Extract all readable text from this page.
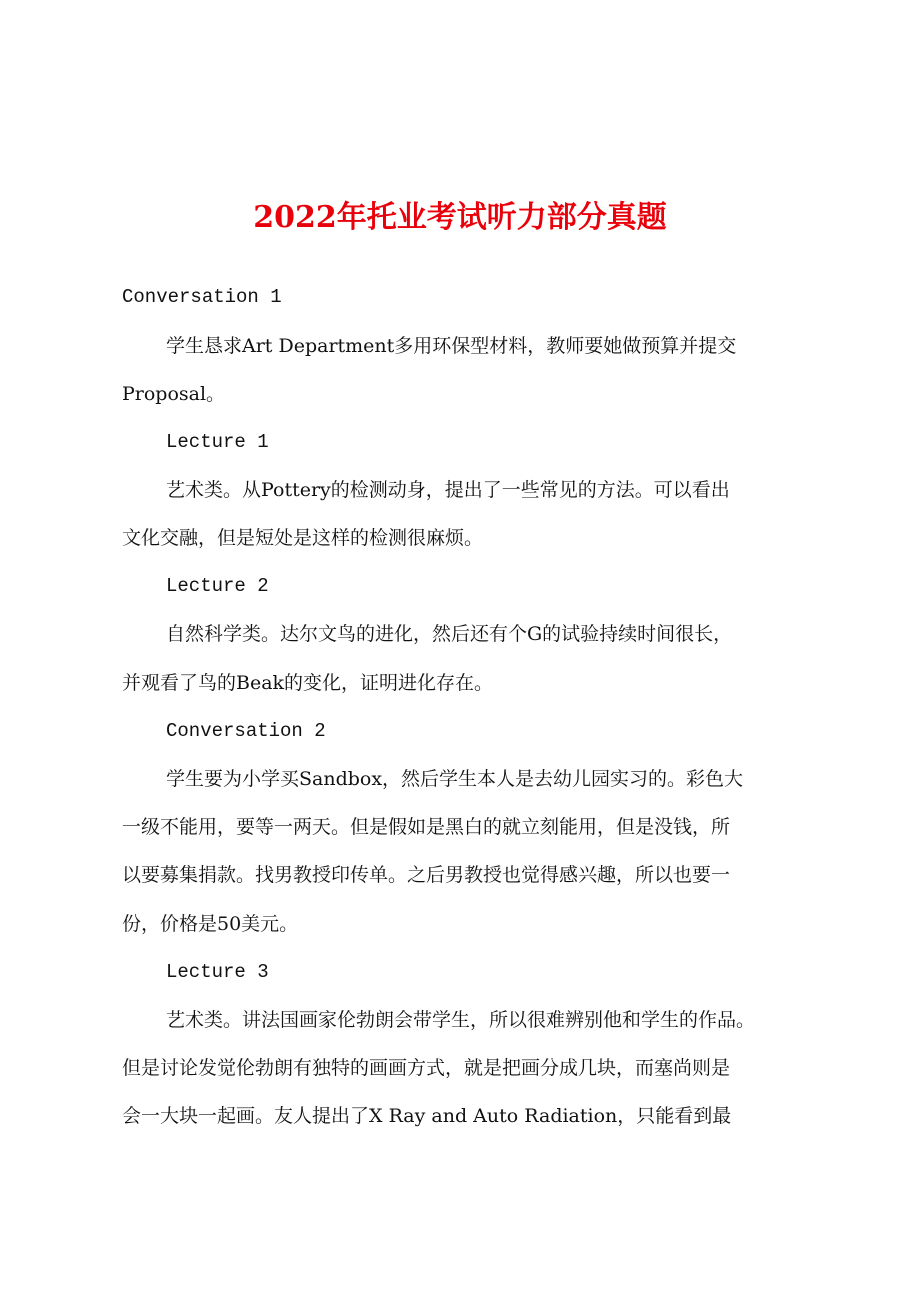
2022年托业考试听力部分真题
Conversation 1
学生恳求Art Department多用环保型材料，教师要她做预算并提交
Proposal。
Lecture 1
艺术类。从Pottery的检测动身，提出了一些常见的方法。可以看出
文化交融，但是短处是这样的检测很麻烦。
Lecture 2
自然科学类。达尔文鸟的进化，然后还有个G的试验持续时间很长，
并观看了鸟的Beak的变化，证明进化存在。
Conversation 2
学生要为小学买Sandbox，然后学生本人是去幼儿园实习的。彩色大
一级不能用，要等一两天。但是假如是黑白的就立刻能用，但是没钱，所
以要募集捐款。找男教授印传单。之后男教授也觉得感兴趣，所以也要一
份，价格是50美元。
Lecture 3
艺术类。讲法国画家伦勃朗会带学生，所以很难辨别他和学生的作品。
但是讨论发觉伦勃朗有独特的画画方式，就是把画分成几块，而塞尚则是
会一大块一起画。友人提出了X Ray and Auto Radiation，只能看到最
